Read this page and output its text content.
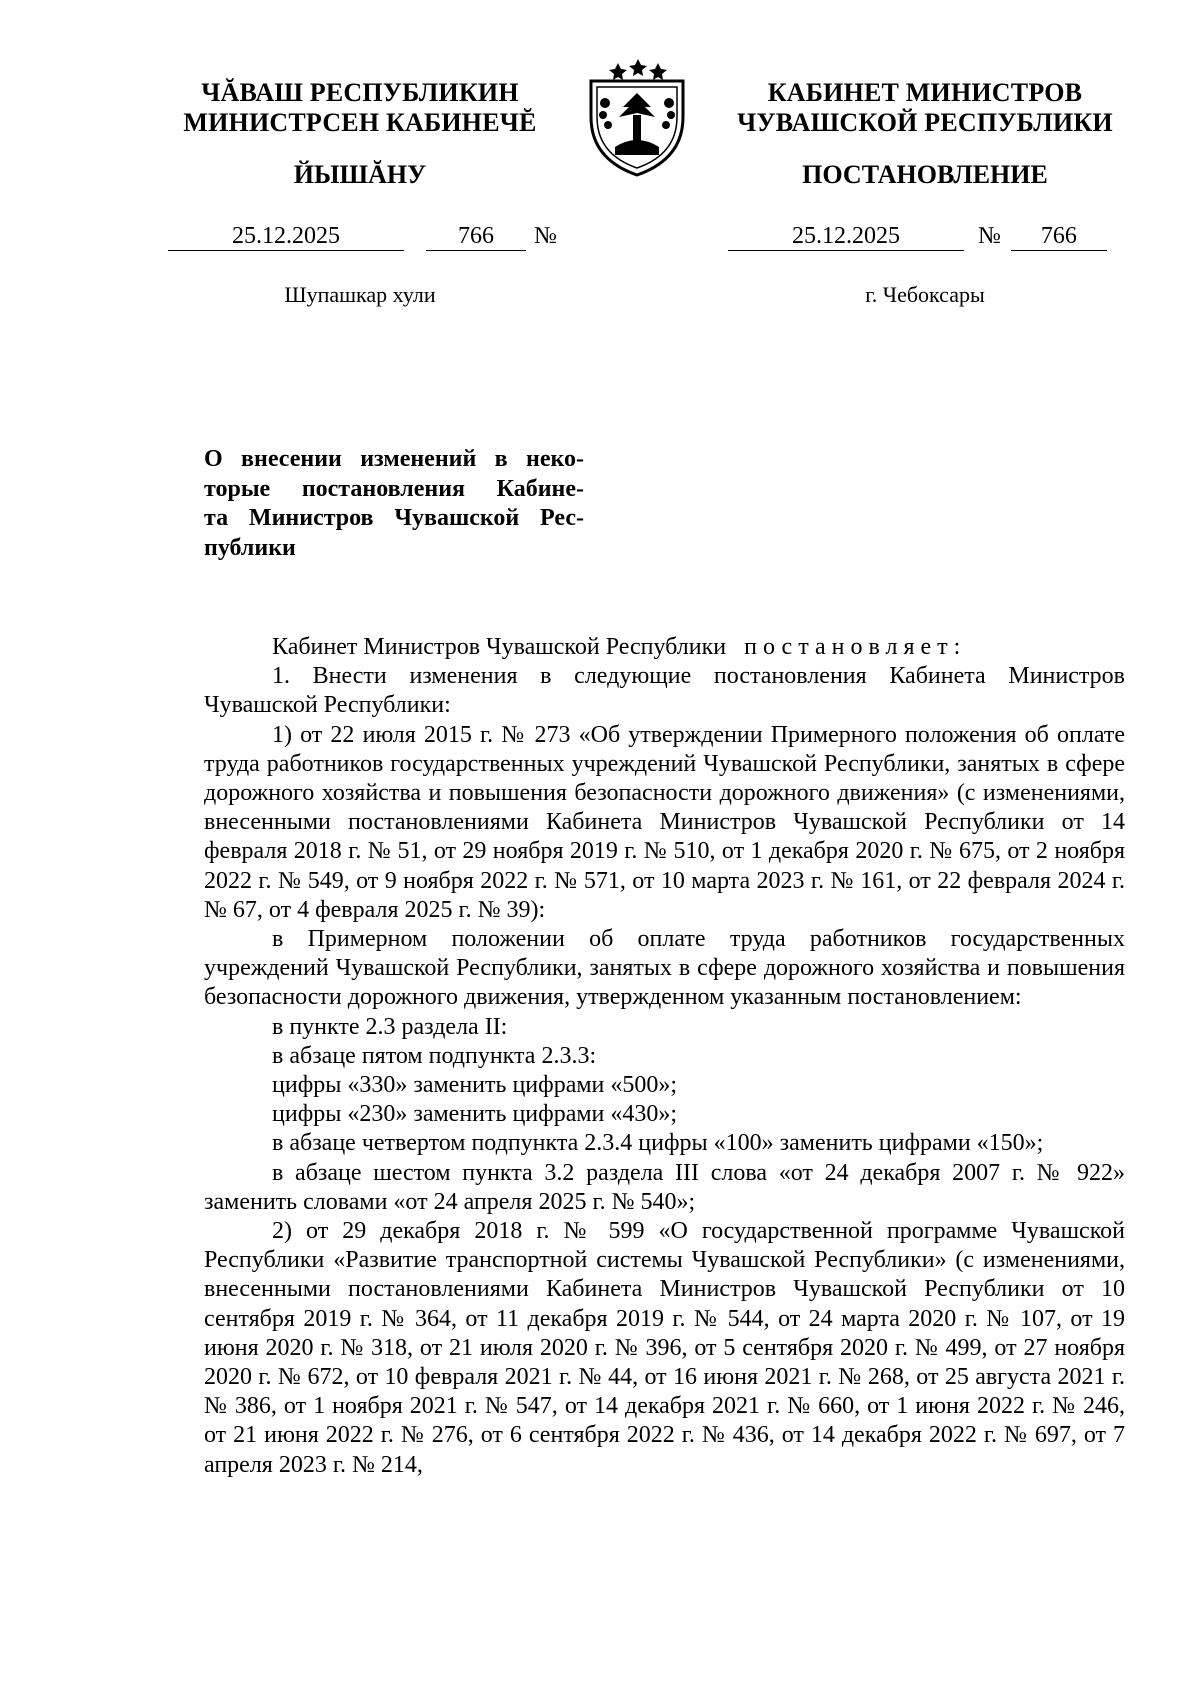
ЧĂВАШ РЕСПУБЛИКИН
МИНИСТРСЕН КАБИНЕЧĔ
ЙЫШĂНУ
КАБИНЕТ МИНИСТРОВ
ЧУВАШСКОЙ РЕСПУБЛИКИ
ПОСТАНОВЛЕНИЕ
25.12.2025	766 №	25.12.2025	№ 766
Шупашкар хули	г. Чебоксары
О внесении изменений в неко-
торые постановления Кабине-
та Министров Чувашской Рес-
публики

Кабинет Министров Чувашской Республики постановляет:

1. Внести изменения в следующие постановления Кабинета Министров Чувашской Республики:

1) от 22 июля 2015 г. № 273 «Об утверждении Примерного положения об оплате труда работников государственных учреждений Чувашской Республики, занятых в сфере дорожного хозяйства и повышения безопасности дорожного движения» (с изменениями, внесенными постановлениями Кабинета Министров Чувашской Республики от 14 февраля 2018 г. № 51, от 29 ноября 2019 г. № 510, от 1 декабря 2020 г. № 675, от 2 ноября 2022 г. № 549, от 9 ноября 2022 г. № 571, от 10 марта 2023 г. № 161, от 22 февраля 2024 г. № 67, от 4 февраля 2025 г. № 39):

в Примерном положении об оплате труда работников государственных учреждений Чувашской Республики, занятых в сфере дорожного хозяйства и повышения безопасности дорожного движения, утвержденном указанным постановлением:

в пункте 2.3 раздела II:

в абзаце пятом подпункта 2.3.3:

цифры «330» заменить цифрами «500»;

цифры «230» заменить цифрами «430»;

в абзаце четвертом подпункта 2.3.4 цифры «100» заменить цифрами «150»;

в абзаце шестом пункта 3.2 раздела III слова «от 24 декабря 2007 г. № 922» заменить словами «от 24 апреля 2025 г. № 540»;

2) от 29 декабря 2018 г. № 599 «О государственной программе Чувашской Республики «Развитие транспортной системы Чувашской Республики» (с изменениями, внесенными постановлениями Кабинета Министров Чувашской Республики от 10 сентября 2019 г. № 364, от 11 декабря 2019 г. № 544, от 24 марта 2020 г. № 107, от 19 июня 2020 г. № 318, от 21 июля 2020 г. № 396, от 5 сентября 2020 г. № 499, от 27 ноября 2020 г. № 672, от 10 февраля 2021 г. № 44, от 16 июня 2021 г. № 268, от 25 августа 2021 г. № 386, от 1 ноября 2021 г. № 547, от 14 декабря 2021 г. № 660, от 1 июня 2022 г. № 246, от 21 июня 2022 г. № 276, от 6 сентября 2022 г. № 436, от 14 декабря 2022 г. № 697, от 7 апреля 2023 г. № 214,
